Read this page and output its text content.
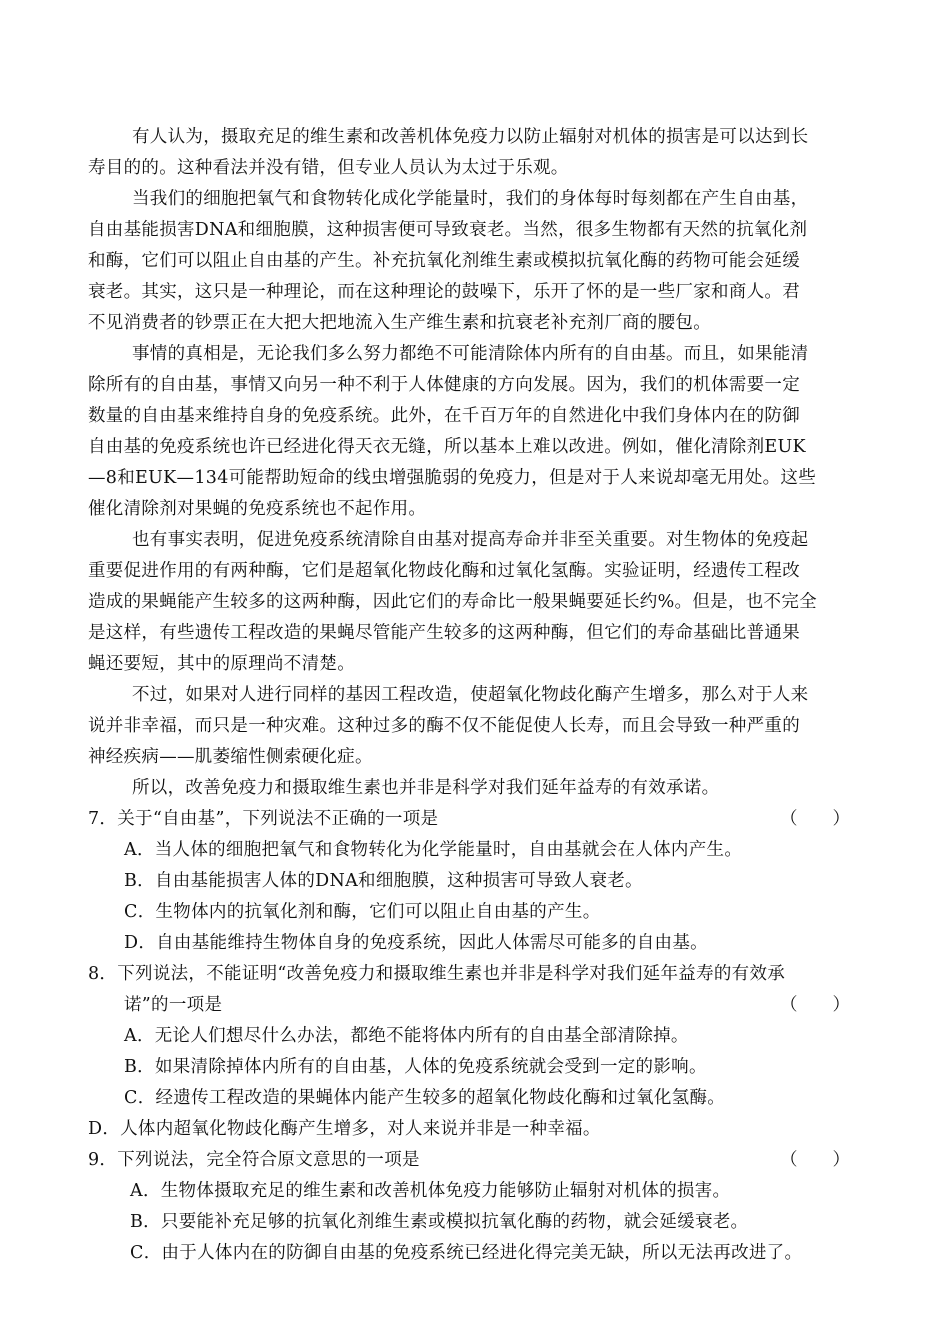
有人认为，摄取充足的维生素和改善机体免疫力以防止辐射对机体的损害是可以达到长
寿目的的。这种看法并没有错，但专业人员认为太过于乐观。
当我们的细胞把氧气和食物转化成化学能量时，我们的身体每时每刻都在产生自由基，
自由基能损害DNA和细胞膜，这种损害便可导致衰老。当然，很多生物都有天然的抗氧化剂
和酶，它们可以阻止自由基的产生。补充抗氧化剂维生素或模拟抗氧化酶的药物可能会延缓
衰老。其实，这只是一种理论，而在这种理论的鼓噪下，乐开了怀的是一些厂家和商人。君
不见消费者的钞票正在大把大把地流入生产维生素和抗衰老补充剂厂商的腰包。
事情的真相是，无论我们多么努力都绝不可能清除体内所有的自由基。而且，如果能清
除所有的自由基，事情又向另一种不利于人体健康的方向发展。因为，我们的机体需要一定
数量的自由基来维持自身的免疫系统。此外，在千百万年的自然进化中我们身体内在的防御
自由基的免疫系统也许已经进化得天衣无缝，所以基本上难以改进。例如，催化清除剂EUK
—8和EUK—134可能帮助短命的线虫增强脆弱的免疫力，但是对于人来说却毫无用处。这些
催化清除剂对果蝇的免疫系统也不起作用。
也有事实表明，促进免疫系统清除自由基对提高寿命并非至关重要。对生物体的免疫起
重要促进作用的有两种酶，它们是超氧化物歧化酶和过氧化氢酶。实验证明，经遗传工程改
造成的果蝇能产生较多的这两种酶，因此它们的寿命比一般果蝇要延长约%。但是，也不完全
是这样，有些遗传工程改造的果蝇尽管能产生较多的这两种酶，但它们的寿命基础比普通果
蝇还要短，其中的原理尚不清楚。
不过，如果对人进行同样的基因工程改造，使超氧化物歧化酶产生增多，那么对于人来
说并非幸福，而只是一种灾难。这种过多的酶不仅不能促使人长寿，而且会导致一种严重的
神经疾病——肌萎缩性侧索硬化症。
所以，改善免疫力和摄取维生素也并非是科学对我们延年益寿的有效承诺。
7．关于“自由基”，下列说法不正确的一项是	（　　）
A．当人体的细胞把氧气和食物转化为化学能量时，自由基就会在人体内产生。
B．自由基能损害人体的DNA和细胞膜，这种损害可导致人衰老。
C．生物体内的抗氧化剂和酶，它们可以阻止自由基的产生。
D．自由基能维持生物体自身的免疫系统，因此人体需尽可能多的自由基。
8．下列说法，不能证明“改善免疫力和摄取维生素也并非是科学对我们延年益寿的有效承
诺”的一项是	（　　）
A．无论人们想尽什么办法，都绝不能将体内所有的自由基全部清除掉。
B．如果清除掉体内所有的自由基，人体的免疫系统就会受到一定的影响。
C．经遗传工程改造的果蝇体内能产生较多的超氧化物歧化酶和过氧化氢酶。
D．人体内超氧化物歧化酶产生增多，对人来说并非是一种幸福。
9．下列说法，完全符合原文意思的一项是	（　　）
A．生物体摄取充足的维生素和改善机体免疫力能够防止辐射对机体的损害。
B．只要能补充足够的抗氧化剂维生素或模拟抗氧化酶的药物，就会延缓衰老。
C．由于人体内在的防御自由基的免疫系统已经进化得完美无缺，所以无法再改进了。
